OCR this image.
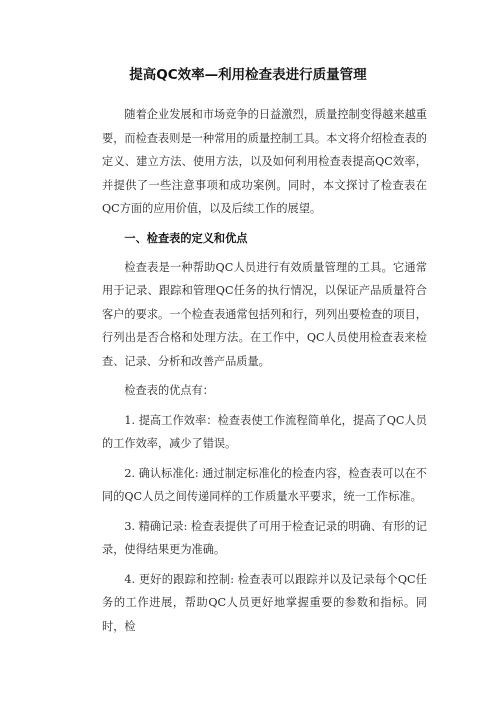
提高QC效率—利用检查表进行质量管理

随着企业发展和市场竞争的日益激烈，质量控制变得越来越重要，而检查表则是一种常用的质量控制工具。本文将介绍检查表的定义、建立方法、使用方法，以及如何利用检查表提高QC效率，并提供了一些注意事项和成功案例。同时，本文探讨了检查表在QC方面的应用价值，以及后续工作的展望。

一、检查表的定义和优点

检查表是一种帮助QC人员进行有效质量管理的工具。它通常用于记录、跟踪和管理QC任务的执行情况，以保证产品质量符合客户的要求。一个检查表通常包括列和行，列列出要检查的项目，行列出是否合格和处理方法。在工作中，QC人员使用检查表来检查、记录、分析和改善产品质量。

检查表的优点有：

1. 提高工作效率：检查表使工作流程简单化，提高了QC人员的工作效率，减少了错误。

2. 确认标准化: 通过制定标准化的检查内容，检查表可以在不同的QC人员之间传递同样的工作质量水平要求，统一工作标准。

3. 精确记录: 检查表提供了可用于检查记录的明确、有形的记录，使得结果更为准确。

4. 更好的跟踪和控制: 检查表可以跟踪并以及记录每个QC任务的工作进展，帮助QC人员更好地掌握重要的参数和指标。同时，检
